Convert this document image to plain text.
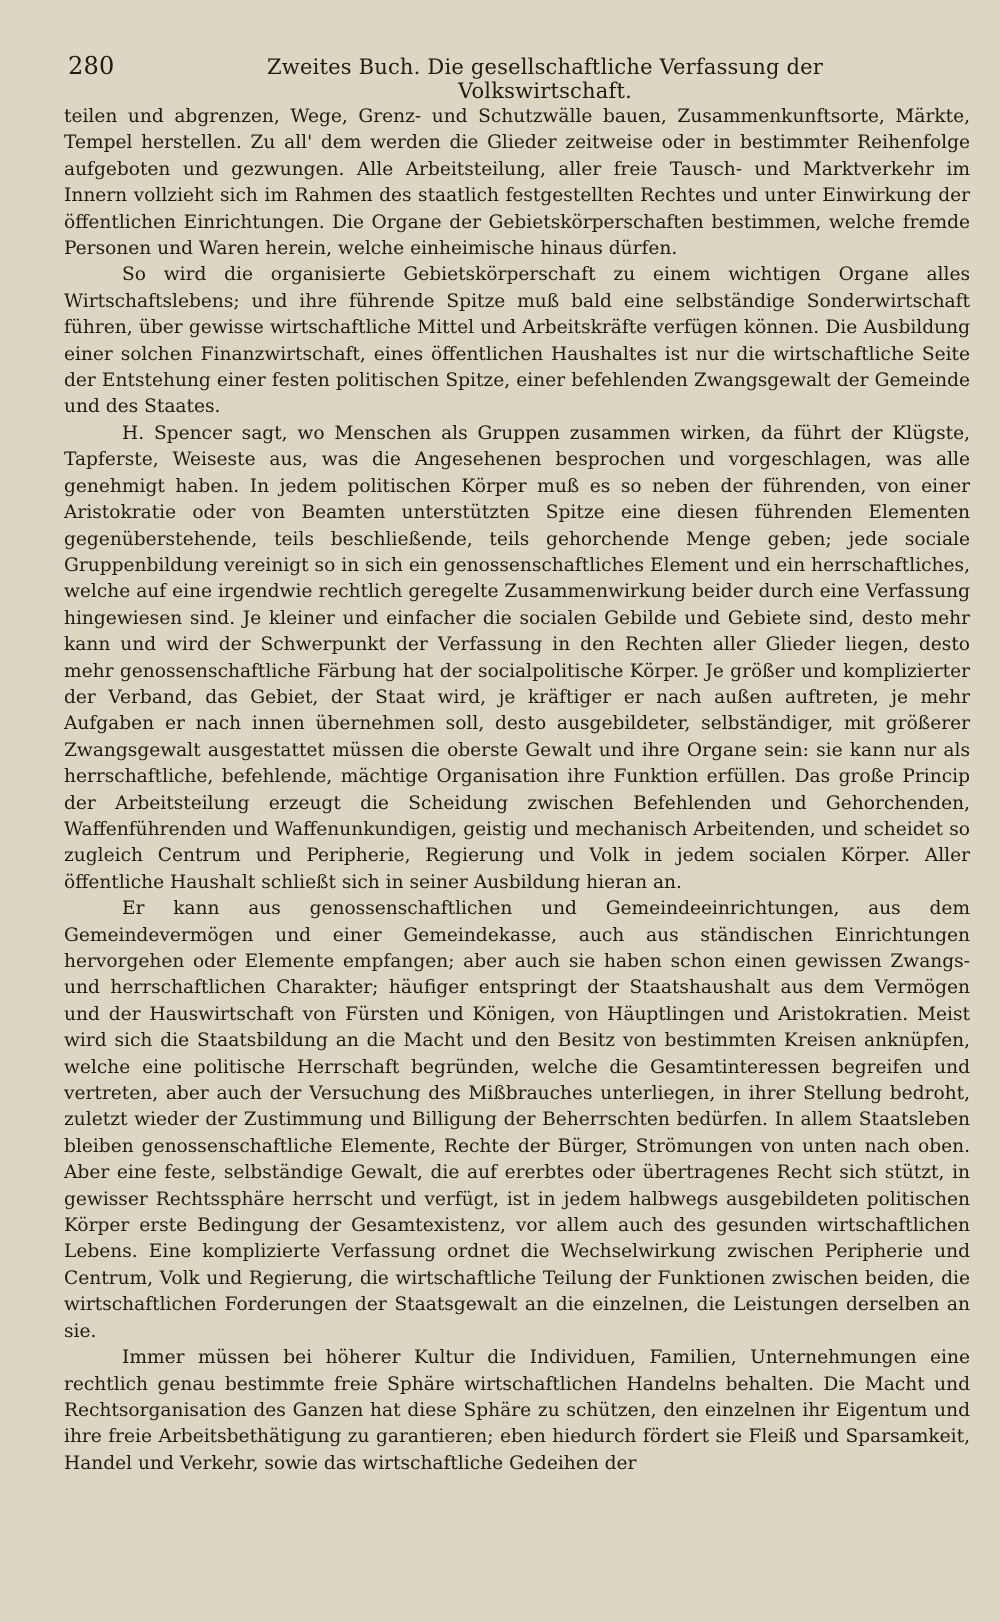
280	Zweites Buch. Die gesellschaftliche Verfassung der Volkswirtschaft.

teilen und abgrenzen, Wege, Grenz- und Schutzwälle bauen, Zusammenkunftsorte, Märkte, Tempel herstellen. Zu all' dem werden die Glieder zeitweise oder in bestimmter Reihenfolge aufgeboten und gezwungen. Alle Arbeitsteilung, aller freie Tausch- und Marktverkehr im Innern vollzieht sich im Rahmen des staatlich festgestellten Rechtes und unter Einwirkung der öffentlichen Einrichtungen. Die Organe der Gebietskörperschaften bestimmen, welche fremde Personen und Waren herein, welche einheimische hinaus dürfen.

So wird die organisierte Gebietskörperschaft zu einem wichtigen Organe alles Wirtschaftslebens; und ihre führende Spitze muß bald eine selbständige Sonderwirtschaft führen, über gewisse wirtschaftliche Mittel und Arbeitskräfte verfügen können. Die Ausbildung einer solchen Finanzwirtschaft, eines öffentlichen Haushaltes ist nur die wirtschaftliche Seite der Entstehung einer festen politischen Spitze, einer befehlenden Zwangsgewalt der Gemeinde und des Staates.

H. Spencer sagt, wo Menschen als Gruppen zusammen wirken, da führt der Klügste, Tapferste, Weiseste aus, was die Angesehenen besprochen und vorgeschlagen, was alle genehmigt haben. In jedem politischen Körper muß es so neben der führenden, von einer Aristokratie oder von Beamten unterstützten Spitze eine diesen führenden Elementen gegenüberstehende, teils beschließende, teils gehorchende Menge geben; jede sociale Gruppenbildung vereinigt so in sich ein genossenschaftliches Element und ein herrschaftliches, welche auf eine irgendwie rechtlich geregelte Zusammenwirkung beider durch eine Verfassung hingewiesen sind. Je kleiner und einfacher die socialen Gebilde und Gebiete sind, desto mehr kann und wird der Schwerpunkt der Verfassung in den Rechten aller Glieder liegen, desto mehr genossenschaftliche Färbung hat der socialpolitische Körper. Je größer und komplizierter der Verband, das Gebiet, der Staat wird, je kräftiger er nach außen auftreten, je mehr Aufgaben er nach innen übernehmen soll, desto ausgebildeter, selbständiger, mit größerer Zwangsgewalt ausgestattet müssen die oberste Gewalt und ihre Organe sein: sie kann nur als herrschaftliche, befehlende, mächtige Organisation ihre Funktion erfüllen. Das große Princip der Arbeitsteilung erzeugt die Scheidung zwischen Befehlenden und Gehorchenden, Waffenführenden und Waffenunkundigen, geistig und mechanisch Arbeitenden, und scheidet so zugleich Centrum und Peripherie, Regierung und Volk in jedem socialen Körper. Aller öffentliche Haushalt schließt sich in seiner Ausbildung hieran an.

Er kann aus genossenschaftlichen und Gemeindeeinrichtungen, aus dem Gemeindevermögen und einer Gemeindekasse, auch aus ständischen Einrichtungen hervorgehen oder Elemente empfangen; aber auch sie haben schon einen gewissen Zwangs- und herrschaftlichen Charakter; häufiger entspringt der Staatshaushalt aus dem Vermögen und der Hauswirtschaft von Fürsten und Königen, von Häuptlingen und Aristokratien. Meist wird sich die Staatsbildung an die Macht und den Besitz von bestimmten Kreisen anknüpfen, welche eine politische Herrschaft begründen, welche die Gesamtinteressen begreifen und vertreten, aber auch der Versuchung des Mißbrauches unterliegen, in ihrer Stellung bedroht, zuletzt wieder der Zustimmung und Billigung der Beherrschten bedürfen. In allem Staatsleben bleiben genossenschaftliche Elemente, Rechte der Bürger, Strömungen von unten nach oben. Aber eine feste, selbständige Gewalt, die auf ererbtes oder übertragenes Recht sich stützt, in gewisser Rechtssphäre herrscht und verfügt, ist in jedem halbwegs ausgebildeten politischen Körper erste Bedingung der Gesamtexistenz, vor allem auch des gesunden wirtschaftlichen Lebens. Eine komplizierte Verfassung ordnet die Wechselwirkung zwischen Peripherie und Centrum, Volk und Regierung, die wirtschaftliche Teilung der Funktionen zwischen beiden, die wirtschaftlichen Forderungen der Staatsgewalt an die einzelnen, die Leistungen derselben an sie.

Immer müssen bei höherer Kultur die Individuen, Familien, Unternehmungen eine rechtlich genau bestimmte freie Sphäre wirtschaftlichen Handelns behalten. Die Macht und Rechtsorganisation des Ganzen hat diese Sphäre zu schützen, den einzelnen ihr Eigentum und ihre freie Arbeitsbethätigung zu garantieren; eben hiedurch fördert sie Fleiß und Sparsamkeit, Handel und Verkehr, sowie das wirtschaftliche Gedeihen der
